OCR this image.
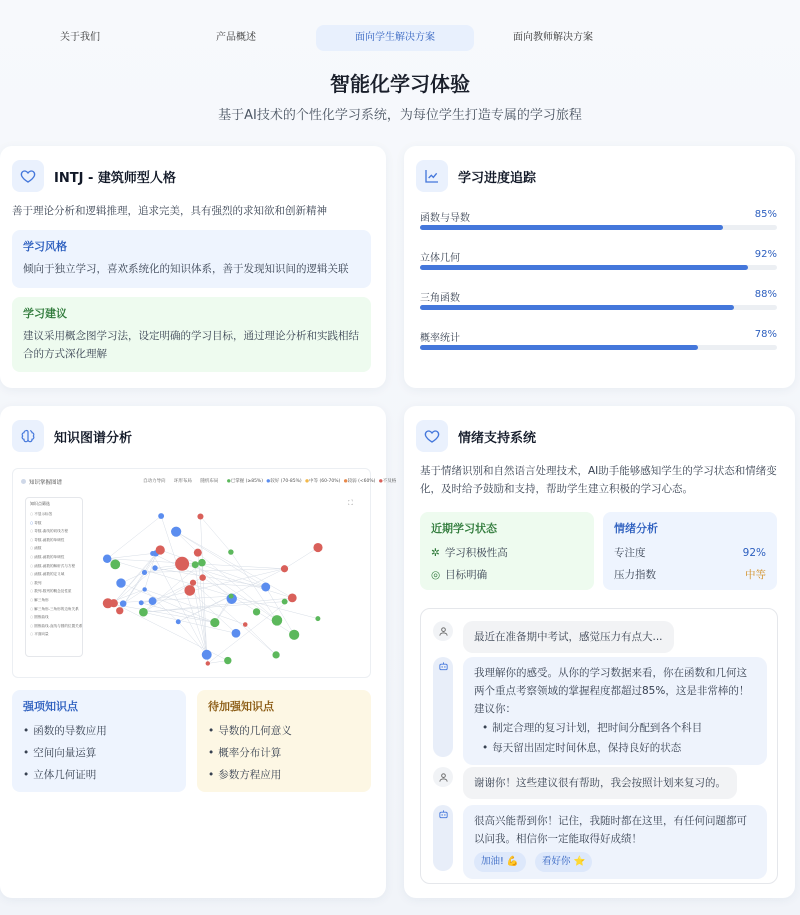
关于我们	产品概述	面向学生解决方案	面向教师解决方案
智能化学习体验
基于AI技术的个性化学习系统，为每位学生打造专属的学习旅程
INTJ - 建筑师型人格
善于理论分析和逻辑推理，追求完美，具有强烈的求知欲和创新精神
学习风格
倾向于独立学习，喜欢系统化的知识体系，善于发现知识间的逻辑关联
学习建议
建议采用概念图学习法，设定明确的学习目标，通过理论分析和实践相结合的方式深化理解
学习进度追踪
函数与导数	85%
立体几何	92%
三角函数	88%
概率统计	78%
知识图谱分析
知识掌握图谱	自动力导向 环形布局 随机布局 ●已掌握 (≥85%) ●较好 (70-85%) ●中等 (60-70%) ●较弱 (<60%) ●不及格
⛶
知识点筛选
○ 不显示标签
○ 导数
○ 导数-曲线的切线方程
○ 导数-函数的单调性
○ 函数
○ 函数-函数的单调性
○ 函数-函数的解析式与方程
○ 函数-函数的定义域
○ 数列
○ 数列-数列的概念及性质
○ 解三角形
○ 解三角形-三角形的边角关系
○ 圆锥曲线
○ 圆锥曲线-直线与圆的位置关系
○ 平面向量
强项知识点
• 函数的导数应用
• 空间向量运算
• 立体几何证明
待加强知识点
• 导数的几何意义
• 概率分布计算
• 参数方程应用
情绪支持系统
基于情绪识别和自然语言处理技术，AI助手能够感知学生的学习状态和情绪变化，及时给予鼓励和支持，帮助学生建立积极的学习心态。
近期学习状态
✲ 学习积极性高
◎ 目标明确
情绪分析
专注度	92%
压力指数	中等
最近在准备期中考试，感觉压力有点大...
我理解你的感受。从你的学习数据来看，你在函数和几何这两个重点考察领域的掌握程度都超过85%，这是非常棒的！建议你：
• 制定合理的复习计划，把时间分配到各个科目
• 每天留出固定时间休息，保持良好的状态
谢谢你！这些建议很有帮助，我会按照计划来复习的。
很高兴能帮到你！记住，我随时都在这里，有任何问题都可以问我。相信你一定能取得好成绩！
加油! 💪 看好你 ⭐
